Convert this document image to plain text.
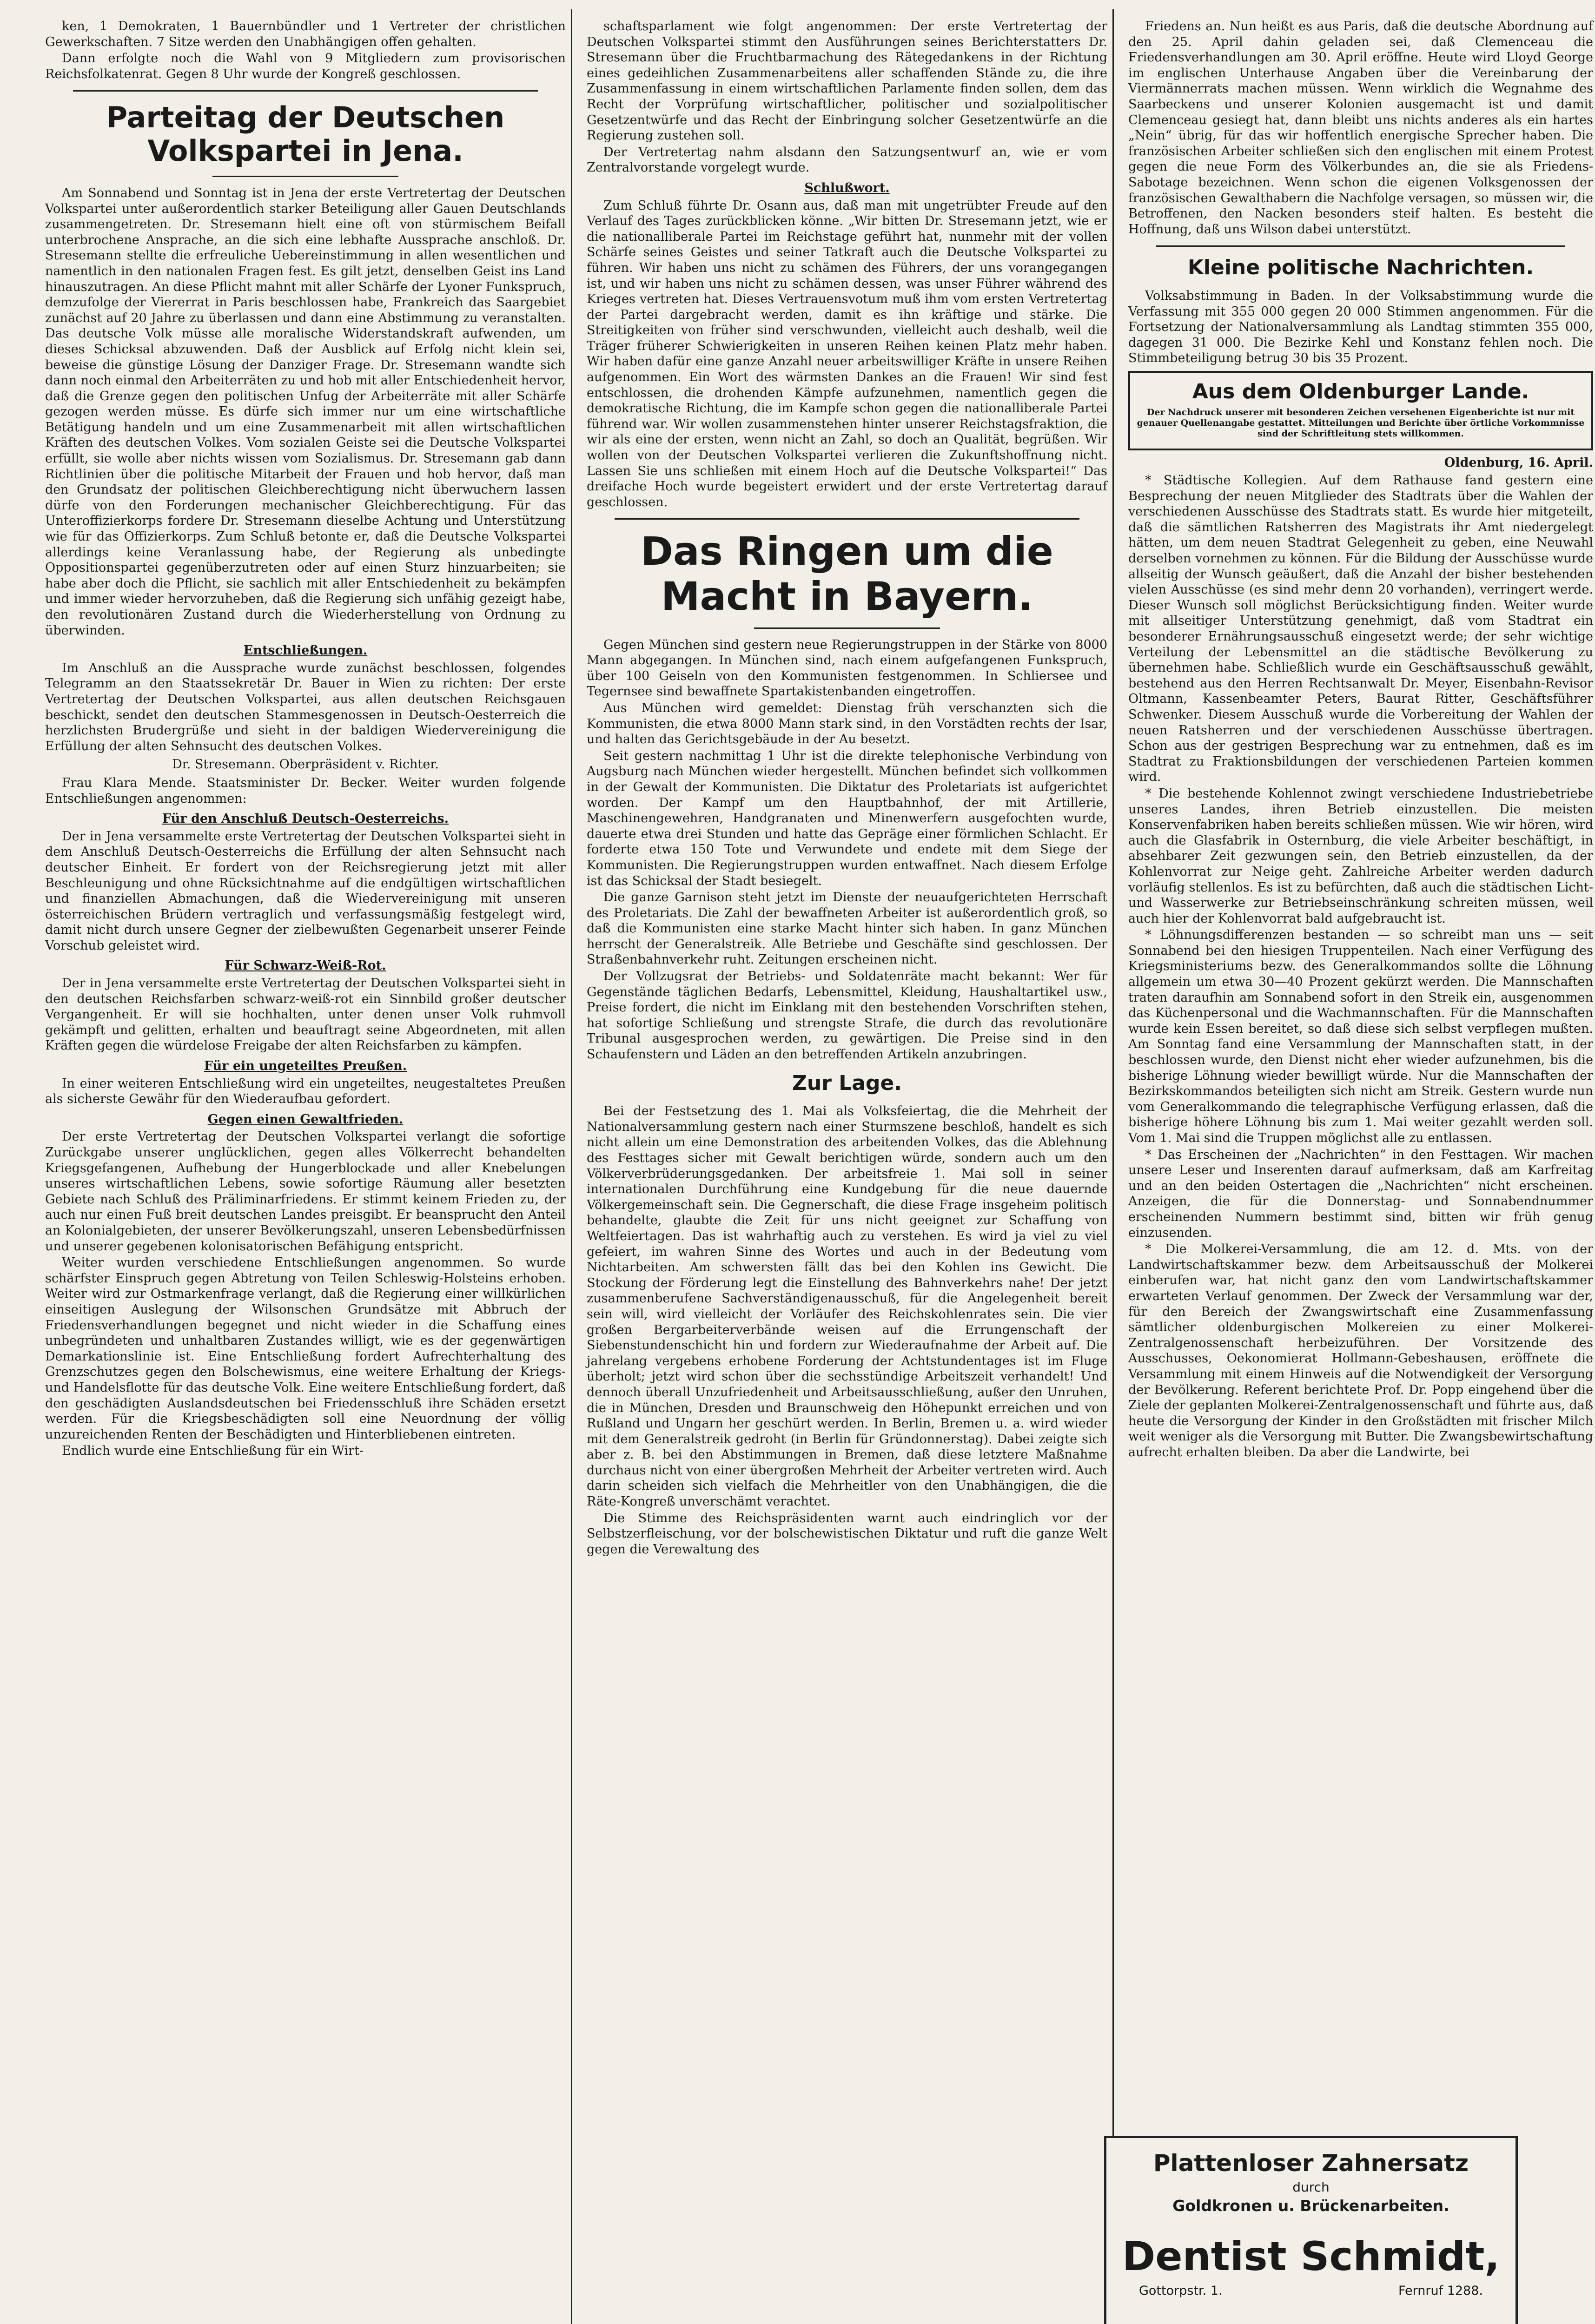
ken, 1 Demokraten, 1 Bauernbündler und 1 Vertreter der christlichen Gewerkschaften. 7 Sitze werden den Unabhängigen offen gehalten.

Dann erfolgte noch die Wahl von 9 Mitgliedern zum provisorischen Reichsfolkatenrat. Gegen 8 Uhr wurde der Kongreß geschlossen.

Parteitag der Deutschen Volkspartei in Jena.

Am Sonnabend und Sonntag ist in Jena der erste Vertretertag der Deutschen Volkspartei unter außerordentlich starker Beteiligung aller Gauen Deutschlands zusammengetreten. Dr. Stresemann hielt eine oft von stürmischem Beifall unterbrochene Ansprache, an die sich eine lebhafte Aussprache anschloß. Dr. Stresemann stellte die erfreuliche Uebereinstimmung in allen wesentlichen und namentlich in den nationalen Fragen fest. Es gilt jetzt, denselben Geist ins Land hinauszutragen. An diese Pflicht mahnt mit aller Schärfe der Lyoner Funkspruch, demzufolge der Viererrat in Paris beschlossen habe, Frankreich das Saargebiet zunächst auf 20 Jahre zu überlassen und dann eine Abstimmung zu veranstalten. Das deutsche Volk müsse alle moralische Widerstandskraft aufwenden, um dieses Schicksal abzuwenden. Daß der Ausblick auf Erfolg nicht klein sei, beweise die günstige Lösung der Danziger Frage. Dr. Stresemann wandte sich dann noch einmal den Arbeiterräten zu und hob mit aller Entschiedenheit hervor, daß die Grenze gegen den politischen Unfug der Arbeiterräte mit aller Schärfe gezogen werden müsse. Es dürfe sich immer nur um eine wirtschaftliche Betätigung handeln und um eine Zusammenarbeit mit allen wirtschaftlichen Kräften des deutschen Volkes. Vom sozialen Geiste sei die Deutsche Volkspartei erfüllt, sie wolle aber nichts wissen vom Sozialismus. Dr. Stresemann gab dann Richtlinien über die politische Mitarbeit der Frauen und hob hervor, daß man den Grundsatz der politischen Gleichberechtigung nicht überwuchern lassen dürfe von den Forderungen mechanischer Gleichberechtigung. Für das Unteroffizierkorps fordere Dr. Stresemann dieselbe Achtung und Unterstützung wie für das Offizierkorps. Zum Schluß betonte er, daß die Deutsche Volkspartei allerdings keine Veranlassung habe, der Regierung als unbedingte Oppositionspartei gegenüberzutreten oder auf einen Sturz hinzuarbeiten; sie habe aber doch die Pflicht, sie sachlich mit aller Entschiedenheit zu bekämpfen und immer wieder hervorzuheben, daß die Regierung sich unfähig gezeigt habe, den revolutionären Zustand durch die Wiederherstellung von Ordnung zu überwinden.

Entschließungen.

Im Anschluß an die Aussprache wurde zunächst beschlossen, folgendes Telegramm an den Staatssekretär Dr. Bauer in Wien zu richten: Der erste Vertretertag der Deutschen Volkspartei, aus allen deutschen Reichsgauen beschickt, sendet den deutschen Stammesgenossen in Deutsch-Oesterreich die herzlichsten Brudergrüße und sieht in der baldigen Wiedervereinigung die Erfüllung der alten Sehnsucht des deutschen Volkes.

Dr. Stresemann. Oberpräsident v. Richter.

Frau Klara Mende. Staatsminister Dr. Becker. Weiter wurden folgende Entschließungen angenommen:

Für den Anschluß Deutsch-Oesterreichs.

Der in Jena versammelte erste Vertretertag der Deutschen Volkspartei sieht in dem Anschluß Deutsch-Oesterreichs die Erfüllung der alten Sehnsucht nach deutscher Einheit. Er fordert von der Reichsregierung jetzt mit aller Beschleunigung und ohne Rücksichtnahme auf die endgültigen wirtschaftlichen und finanziellen Abmachungen, daß die Wiedervereinigung mit unseren österreichischen Brüdern vertraglich und verfassungsmäßig festgelegt wird, damit nicht durch unsere Gegner der zielbewußten Gegenarbeit unserer Feinde Vorschub geleistet wird.

Für Schwarz-Weiß-Rot.

Der in Jena versammelte erste Vertretertag der Deutschen Volkspartei sieht in den deutschen Reichsfarben schwarz-weiß-rot ein Sinnbild großer deutscher Vergangenheit. Er will sie hochhalten, unter denen unser Volk ruhmvoll gekämpft und gelitten, erhalten und beauftragt seine Abgeordneten, mit allen Kräften gegen die würdelose Freigabe der alten Reichsfarben zu kämpfen.

Für ein ungeteiltes Preußen.

In einer weiteren Entschließung wird ein ungeteiltes, neugestaltetes Preußen als sicherste Gewähr für den Wiederaufbau gefordert.

Gegen einen Gewaltfrieden.

Der erste Vertretertag der Deutschen Volkspartei verlangt die sofortige Zurückgabe unserer unglücklichen, gegen alles Völkerrecht behandelten Kriegsgefangenen, Aufhebung der Hungerblockade und aller Knebelungen unseres wirtschaftlichen Lebens, sowie sofortige Räumung aller besetzten Gebiete nach Schluß des Präliminarfriedens. Er stimmt keinem Frieden zu, der auch nur einen Fuß breit deutschen Landes preisgibt. Er beansprucht den Anteil an Kolonialgebieten, der unserer Bevölkerungszahl, unseren Lebensbedürfnissen und unserer gegebenen kolonisatorischen Befähigung entspricht.

Weiter wurden verschiedene Entschließungen angenommen. So wurde schärfster Einspruch gegen Abtretung von Teilen Schleswig-Holsteins erhoben. Weiter wird zur Ostmarkenfrage verlangt, daß die Regierung einer willkürlichen einseitigen Auslegung der Wilsonschen Grundsätze mit Abbruch der Friedensverhandlungen begegnet und nicht wieder in die Schaffung eines unbegründeten und unhaltbaren Zustandes willigt, wie es der gegenwärtigen Demarkationslinie ist. Eine Entschließung fordert Aufrechterhaltung des Grenzschutzes gegen den Bolschewismus, eine weitere Erhaltung der Kriegs- und Handelsflotte für das deutsche Volk. Eine weitere Entschließung fordert, daß den geschädigten Auslandsdeutschen bei Friedensschluß ihre Schäden ersetzt werden. Für die Kriegsbeschädigten soll eine Neuordnung der völlig unzureichenden Renten der Beschädigten und Hinterbliebenen eintreten.

Endlich wurde eine Entschließung für ein Wirt-

schaftsparlament wie folgt angenommen: Der erste Vertretertag der Deutschen Volkspartei stimmt den Ausführungen seines Berichterstatters Dr. Stresemann über die Fruchtbarmachung des Rätegedankens in der Richtung eines gedeihlichen Zusammenarbeitens aller schaffenden Stände zu, die ihre Zusammenfassung in einem wirtschaftlichen Parlamente finden sollen, dem das Recht der Vorprüfung wirtschaftlicher, politischer und sozialpolitischer Gesetzentwürfe und das Recht der Einbringung solcher Gesetzentwürfe an die Regierung zustehen soll.

Der Vertretertag nahm alsdann den Satzungsentwurf an, wie er vom Zentralvorstande vorgelegt wurde.

Schlußwort.

Zum Schluß führte Dr. Osann aus, daß man mit ungetrübter Freude auf den Verlauf des Tages zurückblicken könne. „Wir bitten Dr. Stresemann jetzt, wie er die nationalliberale Partei im Reichstage geführt hat, nunmehr mit der vollen Schärfe seines Geistes und seiner Tatkraft auch die Deutsche Volkspartei zu führen. Wir haben uns nicht zu schämen des Führers, der uns vorangegangen ist, und wir haben uns nicht zu schämen dessen, was unser Führer während des Krieges vertreten hat. Dieses Vertrauensvotum muß ihm vom ersten Vertretertag der Partei dargebracht werden, damit es ihn kräftige und stärke. Die Streitigkeiten von früher sind verschwunden, vielleicht auch deshalb, weil die Träger früherer Schwierigkeiten in unseren Reihen keinen Platz mehr haben. Wir haben dafür eine ganze Anzahl neuer arbeitswilliger Kräfte in unsere Reihen aufgenommen. Ein Wort des wärmsten Dankes an die Frauen! Wir sind fest entschlossen, die drohenden Kämpfe aufzunehmen, namentlich gegen die demokratische Richtung, die im Kampfe schon gegen die nationalliberale Partei führend war. Wir wollen zusammenstehen hinter unserer Reichstagsfraktion, die wir als eine der ersten, wenn nicht an Zahl, so doch an Qualität, begrüßen. Wir wollen von der Deutschen Volkspartei verlieren die Zukunftshoffnung nicht. Lassen Sie uns schließen mit einem Hoch auf die Deutsche Volkspartei!“ Das dreifache Hoch wurde begeistert erwidert und der erste Vertretertag darauf geschlossen.

Das Ringen um die Macht in Bayern.

Gegen München sind gestern neue Regierungstruppen in der Stärke von 8000 Mann abgegangen. In München sind, nach einem aufgefangenen Funkspruch, über 100 Geiseln von den Kommunisten festgenommen. In Schliersee und Tegernsee sind bewaffnete Spartakistenbanden eingetroffen.

Aus München wird gemeldet: Dienstag früh verschanzten sich die Kommunisten, die etwa 8000 Mann stark sind, in den Vorstädten rechts der Isar, und halten das Gerichtsgebäude in der Au besetzt.

Seit gestern nachmittag 1 Uhr ist die direkte telephonische Verbindung von Augsburg nach München wieder hergestellt. München befindet sich vollkommen in der Gewalt der Kommunisten. Die Diktatur des Proletariats ist aufgerichtet worden. Der Kampf um den Hauptbahnhof, der mit Artillerie, Maschinengewehren, Handgranaten und Minenwerfern ausgefochten wurde, dauerte etwa drei Stunden und hatte das Gepräge einer förmlichen Schlacht. Er forderte etwa 150 Tote und Verwundete und endete mit dem Siege der Kommunisten. Die Regierungstruppen wurden entwaffnet. Nach diesem Erfolge ist das Schicksal der Stadt besiegelt.

Die ganze Garnison steht jetzt im Dienste der neuaufgerichteten Herrschaft des Proletariats. Die Zahl der bewaffneten Arbeiter ist außerordentlich groß, so daß die Kommunisten eine starke Macht hinter sich haben. In ganz München herrscht der Generalstreik. Alle Betriebe und Geschäfte sind geschlossen. Der Straßenbahnverkehr ruht. Zeitungen erscheinen nicht.

Der Vollzugsrat der Betriebs- und Soldatenräte macht bekannt: Wer für Gegenstände täglichen Bedarfs, Lebensmittel, Kleidung, Haushaltartikel usw., Preise fordert, die nicht im Einklang mit den bestehenden Vorschriften stehen, hat sofortige Schließung und strengste Strafe, die durch das revolutionäre Tribunal ausgesprochen werden, zu gewärtigen. Die Preise sind in den Schaufenstern und Läden an den betreffenden Artikeln anzubringen.

Zur Lage.

Bei der Festsetzung des 1. Mai als Volksfeiertag, die die Mehrheit der Nationalversammlung gestern nach einer Sturmszene beschloß, handelt es sich nicht allein um eine Demonstration des arbeitenden Volkes, das die Ablehnung des Festtages sicher mit Gewalt berichtigen würde, sondern auch um den Völkerverbrüderungsgedanken. Der arbeitsfreie 1. Mai soll in seiner internationalen Durchführung eine Kundgebung für die neue dauernde Völkergemeinschaft sein. Die Gegnerschaft, die diese Frage insgeheim politisch behandelte, glaubte die Zeit für uns nicht geeignet zur Schaffung von Weltfeiertagen. Das ist wahrhaftig auch zu verstehen. Es wird ja viel zu viel gefeiert, im wahren Sinne des Wortes und auch in der Bedeutung vom Nichtarbeiten. Am schwersten fällt das bei den Kohlen ins Gewicht. Die Stockung der Förderung legt die Einstellung des Bahnverkehrs nahe! Der jetzt zusammenberufene Sachverständigenausschuß, für die Angelegenheit bereit sein will, wird vielleicht der Vorläufer des Reichskohlenrates sein. Die vier großen Bergarbeiterverbände weisen auf die Errungenschaft der Siebenstundenschicht hin und fordern zur Wiederaufnahme der Arbeit auf. Die jahrelang vergebens erhobene Forderung der Achtstundentages ist im Fluge überholt; jetzt wird schon über die sechsstündige Arbeitszeit verhandelt! Und dennoch überall Unzufriedenheit und Arbeitsausschließung, außer den Unruhen, die in München, Dresden und Braunschweig den Höhepunkt erreichen und von Rußland und Ungarn her geschürt werden. In Berlin, Bremen u. a. wird wieder mit dem Generalstreik gedroht (in Berlin für Gründonnerstag). Dabei zeigte sich aber z. B. bei den Abstimmungen in Bremen, daß diese letztere Maßnahme durchaus nicht von einer übergroßen Mehrheit der Arbeiter vertreten wird. Auch darin scheiden sich vielfach die Mehrheitler von den Unabhängigen, die die Räte-Kongreß unverschämt verachtet.

Die Stimme des Reichspräsidenten warnt auch eindringlich vor der Selbstzerfleischung, vor der bolschewistischen Diktatur und ruft die ganze Welt gegen die Verewaltung des

Friedens an. Nun heißt es aus Paris, daß die deutsche Abordnung auf den 25. April dahin geladen sei, daß Clemenceau die Friedensverhandlungen am 30. April eröffne. Heute wird Lloyd George im englischen Unterhause Angaben über die Vereinbarung der Viermännerrats machen müssen. Wenn wirklich die Wegnahme des Saarbeckens und unserer Kolonien ausgemacht ist und damit Clemenceau gesiegt hat, dann bleibt uns nichts anderes als ein hartes „Nein“ übrig, für das wir hoffentlich energische Sprecher haben. Die französischen Arbeiter schließen sich den englischen mit einem Protest gegen die neue Form des Völkerbundes an, die sie als Friedens-Sabotage bezeichnen. Wenn schon die eigenen Volksgenossen der französischen Gewalthabern die Nachfolge versagen, so müssen wir, die Betroffenen, den Nacken besonders steif halten. Es besteht die Hoffnung, daß uns Wilson dabei unterstützt.

Kleine politische Nachrichten.

Volksabstimmung in Baden. In der Volksabstimmung wurde die Verfassung mit 355 000 gegen 20 000 Stimmen angenommen. Für die Fortsetzung der Nationalversammlung als Landtag stimmten 355 000, dagegen 31 000. Die Bezirke Kehl und Konstanz fehlen noch. Die Stimmbeteiligung betrug 30 bis 35 Prozent.

Aus dem Oldenburger Lande.
Der Nachdruck unserer mit besonderen Zeichen versehenen Eigenberichte ist nur mit genauer Quellenangabe gestattet. Mitteilungen und Berichte über örtliche Vorkommnisse sind der Schriftleitung stets willkommen.
Oldenburg, 16. April.

* Städtische Kollegien. Auf dem Rathause fand gestern eine Besprechung der neuen Mitglieder des Stadtrats über die Wahlen der verschiedenen Ausschüsse des Stadtrats statt. Es wurde hier mitgeteilt, daß die sämtlichen Ratsherren des Magistrats ihr Amt niedergelegt hätten, um dem neuen Stadtrat Gelegenheit zu geben, eine Neuwahl derselben vornehmen zu können. Für die Bildung der Ausschüsse wurde allseitig der Wunsch geäußert, daß die Anzahl der bisher bestehenden vielen Ausschüsse (es sind mehr denn 20 vorhanden), verringert werde. Dieser Wunsch soll möglichst Berücksichtigung finden. Weiter wurde mit allseitiger Unterstützung genehmigt, daß vom Stadtrat ein besonderer Ernährungsausschuß eingesetzt werde; der sehr wichtige Verteilung der Lebensmittel an die städtische Bevölkerung zu übernehmen habe. Schließlich wurde ein Geschäftsausschuß gewählt, bestehend aus den Herren Rechtsanwalt Dr. Meyer, Eisenbahn-Revisor Oltmann, Kassenbeamter Peters, Baurat Ritter, Geschäftsführer Schwenker. Diesem Ausschuß wurde die Vorbereitung der Wahlen der neuen Ratsherren und der verschiedenen Ausschüsse übertragen. Schon aus der gestrigen Besprechung war zu entnehmen, daß es im Stadtrat zu Fraktionsbildungen der verschiedenen Parteien kommen wird.

* Die bestehende Kohlennot zwingt verschiedene Industriebetriebe unseres Landes, ihren Betrieb einzustellen. Die meisten Konservenfabriken haben bereits schließen müssen. Wie wir hören, wird auch die Glasfabrik in Osternburg, die viele Arbeiter beschäftigt, in absehbarer Zeit gezwungen sein, den Betrieb einzustellen, da der Kohlenvorrat zur Neige geht. Zahlreiche Arbeiter werden dadurch vorläufig stellenlos. Es ist zu befürchten, daß auch die städtischen Licht- und Wasserwerke zur Betriebseinschränkung schreiten müssen, weil auch hier der Kohlenvorrat bald aufgebraucht ist.

* Löhnungsdifferenzen bestanden — so schreibt man uns — seit Sonnabend bei den hiesigen Truppenteilen. Nach einer Verfügung des Kriegsministeriums bezw. des Generalkommandos sollte die Löhnung allgemein um etwa 30—40 Prozent gekürzt werden. Die Mannschaften traten daraufhin am Sonnabend sofort in den Streik ein, ausgenommen das Küchenpersonal und die Wachmannschaften. Für die Mannschaften wurde kein Essen bereitet, so daß diese sich selbst verpflegen mußten. Am Sonntag fand eine Versammlung der Mannschaften statt, in der beschlossen wurde, den Dienst nicht eher wieder aufzunehmen, bis die bisherige Löhnung wieder bewilligt würde. Nur die Mannschaften der Bezirkskommandos beteiligten sich nicht am Streik. Gestern wurde nun vom Generalkommando die telegraphische Verfügung erlassen, daß die bisherige höhere Löhnung bis zum 1. Mai weiter gezahlt werden soll. Vom 1. Mai sind die Truppen möglichst alle zu entlassen.

* Das Erscheinen der „Nachrichten“ in den Festtagen. Wir machen unsere Leser und Inserenten darauf aufmerksam, daß am Karfreitag und an den beiden Ostertagen die „Nachrichten“ nicht erscheinen. Anzeigen, die für die Donnerstag- und Sonnabendnummer erscheinenden Nummern bestimmt sind, bitten wir früh genug einzusenden.

* Die Molkerei-Versammlung, die am 12. d. Mts. von der Landwirtschaftskammer bezw. dem Arbeitsausschuß der Molkerei einberufen war, hat nicht ganz den vom Landwirtschaftskammer erwarteten Verlauf genommen. Der Zweck der Versammlung war der, für den Bereich der Zwangswirtschaft eine Zusammenfassung sämtlicher oldenburgischen Molkereien zu einer Molkerei-Zentralgenossenschaft herbeizuführen. Der Vorsitzende des Ausschusses, Oekonomierat Hollmann-Gebeshausen, eröffnete die Versammlung mit einem Hinweis auf die Notwendigkeit der Versorgung der Bevölkerung. Referent berichtete Prof. Dr. Popp eingehend über die Ziele der geplanten Molkerei-Zentralgenossenschaft und führte aus, daß heute die Versorgung der Kinder in den Großstädten mit frischer Milch weit weniger als die Versorgung mit Butter. Die Zwangsbewirtschaftung aufrecht erhalten bleiben. Da aber die Landwirte, bei

Plattenloser Zahnersatz
durch
Goldkronen u. Brückenarbeiten.
Dentist Schmidt,
Gottorpstr. 1.	Fernruf 1288.
